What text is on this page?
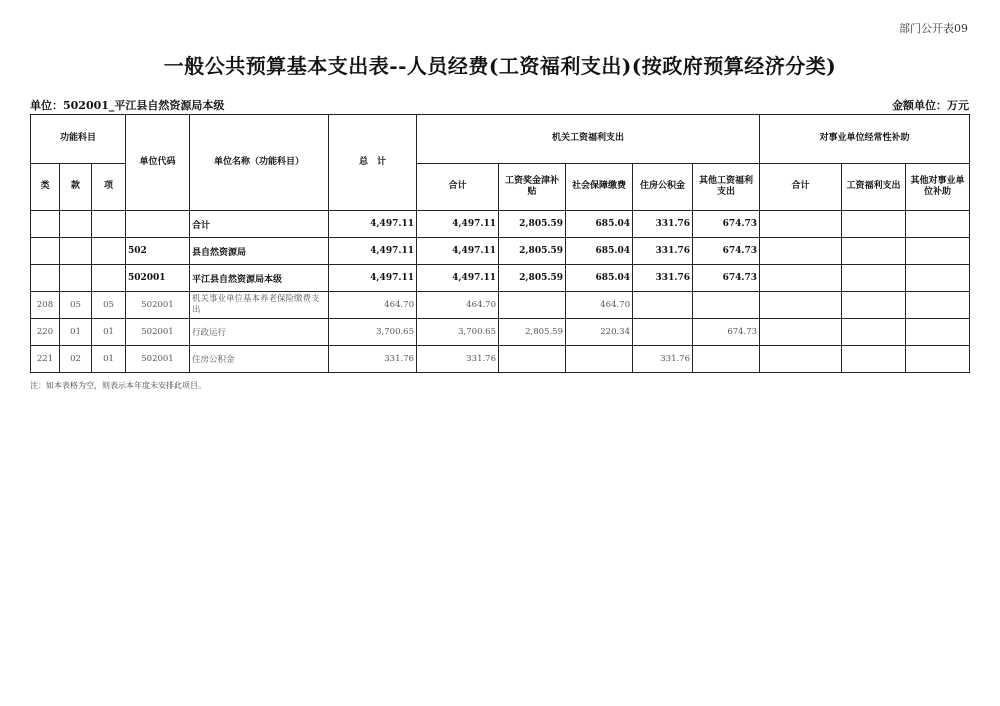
部门公开表09
一般公共预算基本支出表--人员经费(工资福利支出)(按政府预算经济分类)
单位：502001_平江县自然资源局本级	金额单位：万元
功能科目			单位代码	单位名称（功能科目）	总　计	机关工资福利支出					对事业单位经常性补助		
类	款	项				合计	工资奖金津补贴	社会保障缴费	住房公积金	其他工资福利支出	合计	工资福利支出	其他对事业单位补助
				合计	4,497.11	4,497.11	2,805.59	685.04	331.76	674.73			
			502	县自然资源局	4,497.11	4,497.11	2,805.59	685.04	331.76	674.73			
			502001	平江县自然资源局本级	4,497.11	4,497.11	2,805.59	685.04	331.76	674.73			
208	05	05	502001	机关事业单位基本养老保险缴费支出	464.70	464.70		464.70					
220	01	01	502001	行政运行	3,700.65	3,700.65	2,805.59	220.34		674.73			
221	02	01	502001	住房公积金	331.76	331.76			331.76				
注：如本表格为空，则表示本年度未安排此项目。
